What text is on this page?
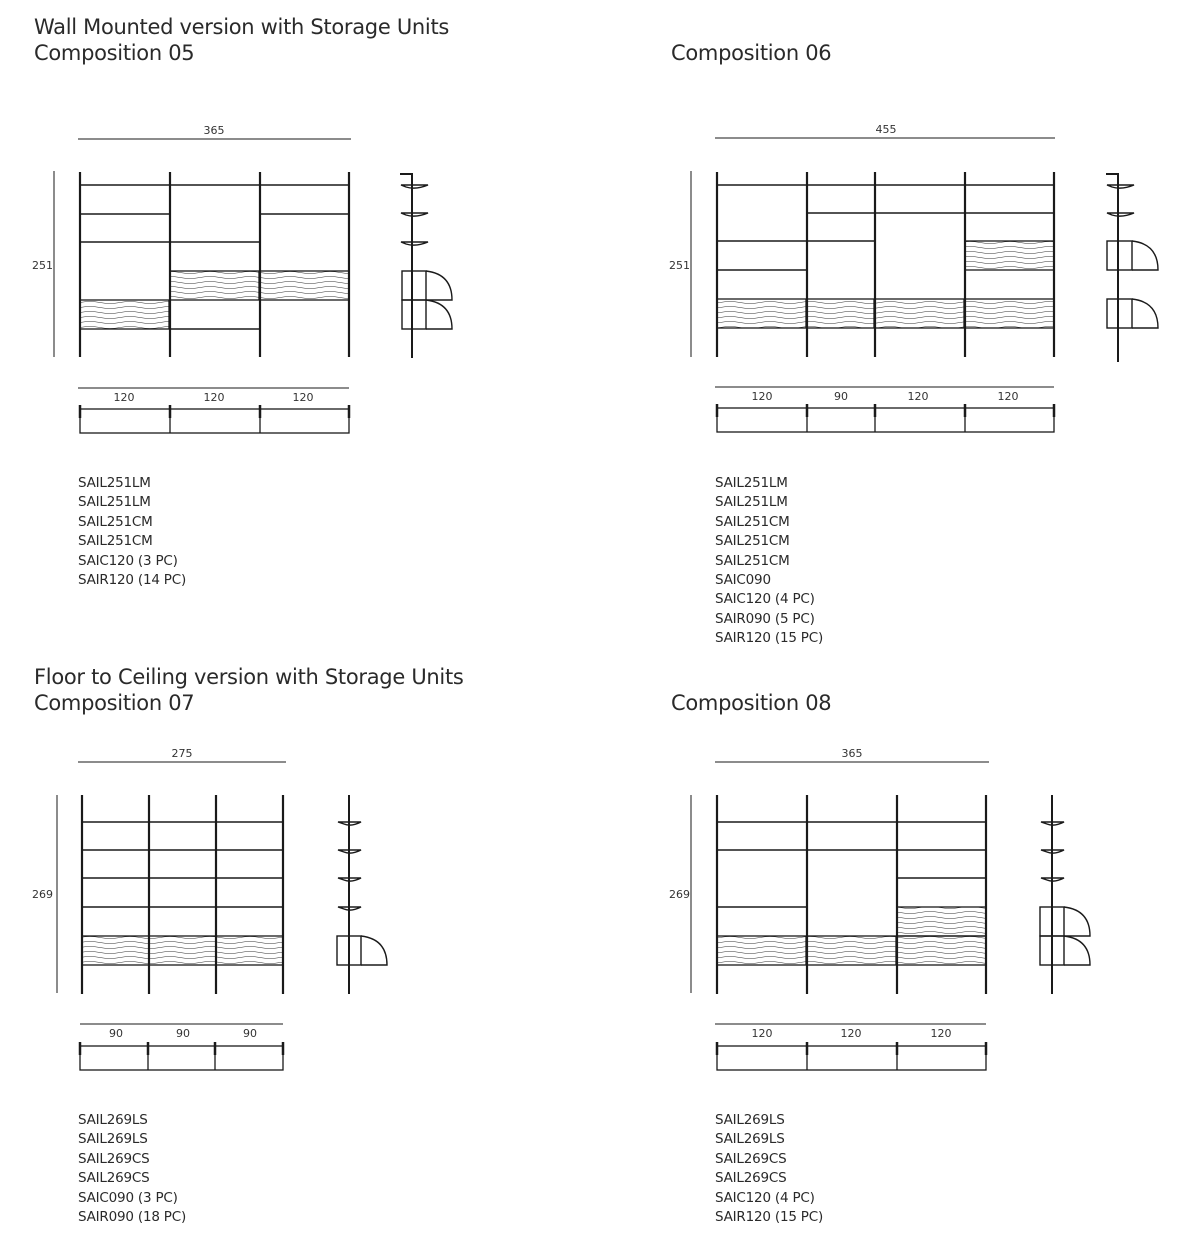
Wall Mounted version with Storage Units
Composition 05	Composition 06
Floor to Ceiling version with Storage Units
Composition 07	Composition 08
SAIL251LM
SAIL251LM
SAIL251CM
SAIL251CM
SAIC120 (3 PC)
SAIR120 (14 PC)
SAIL251LM
SAIL251LM
SAIL251CM
SAIL251CM
SAIL251CM
SAIC090
SAIC120 (4 PC)
SAIR090 (5 PC)
SAIR120 (15 PC)
SAIL269LS
SAIL269LS
SAIL269CS
SAIL269CS
SAIC090 (3 PC)
SAIR090 (18 PC)
SAIL269LS
SAIL269LS
SAIL269CS
SAIL269CS
SAIC120 (4 PC)
SAIR120 (15 PC)
365
251
120	120	120
455
251
120	90	120	120
275
269
90	90	90
365
269
120	120	120
